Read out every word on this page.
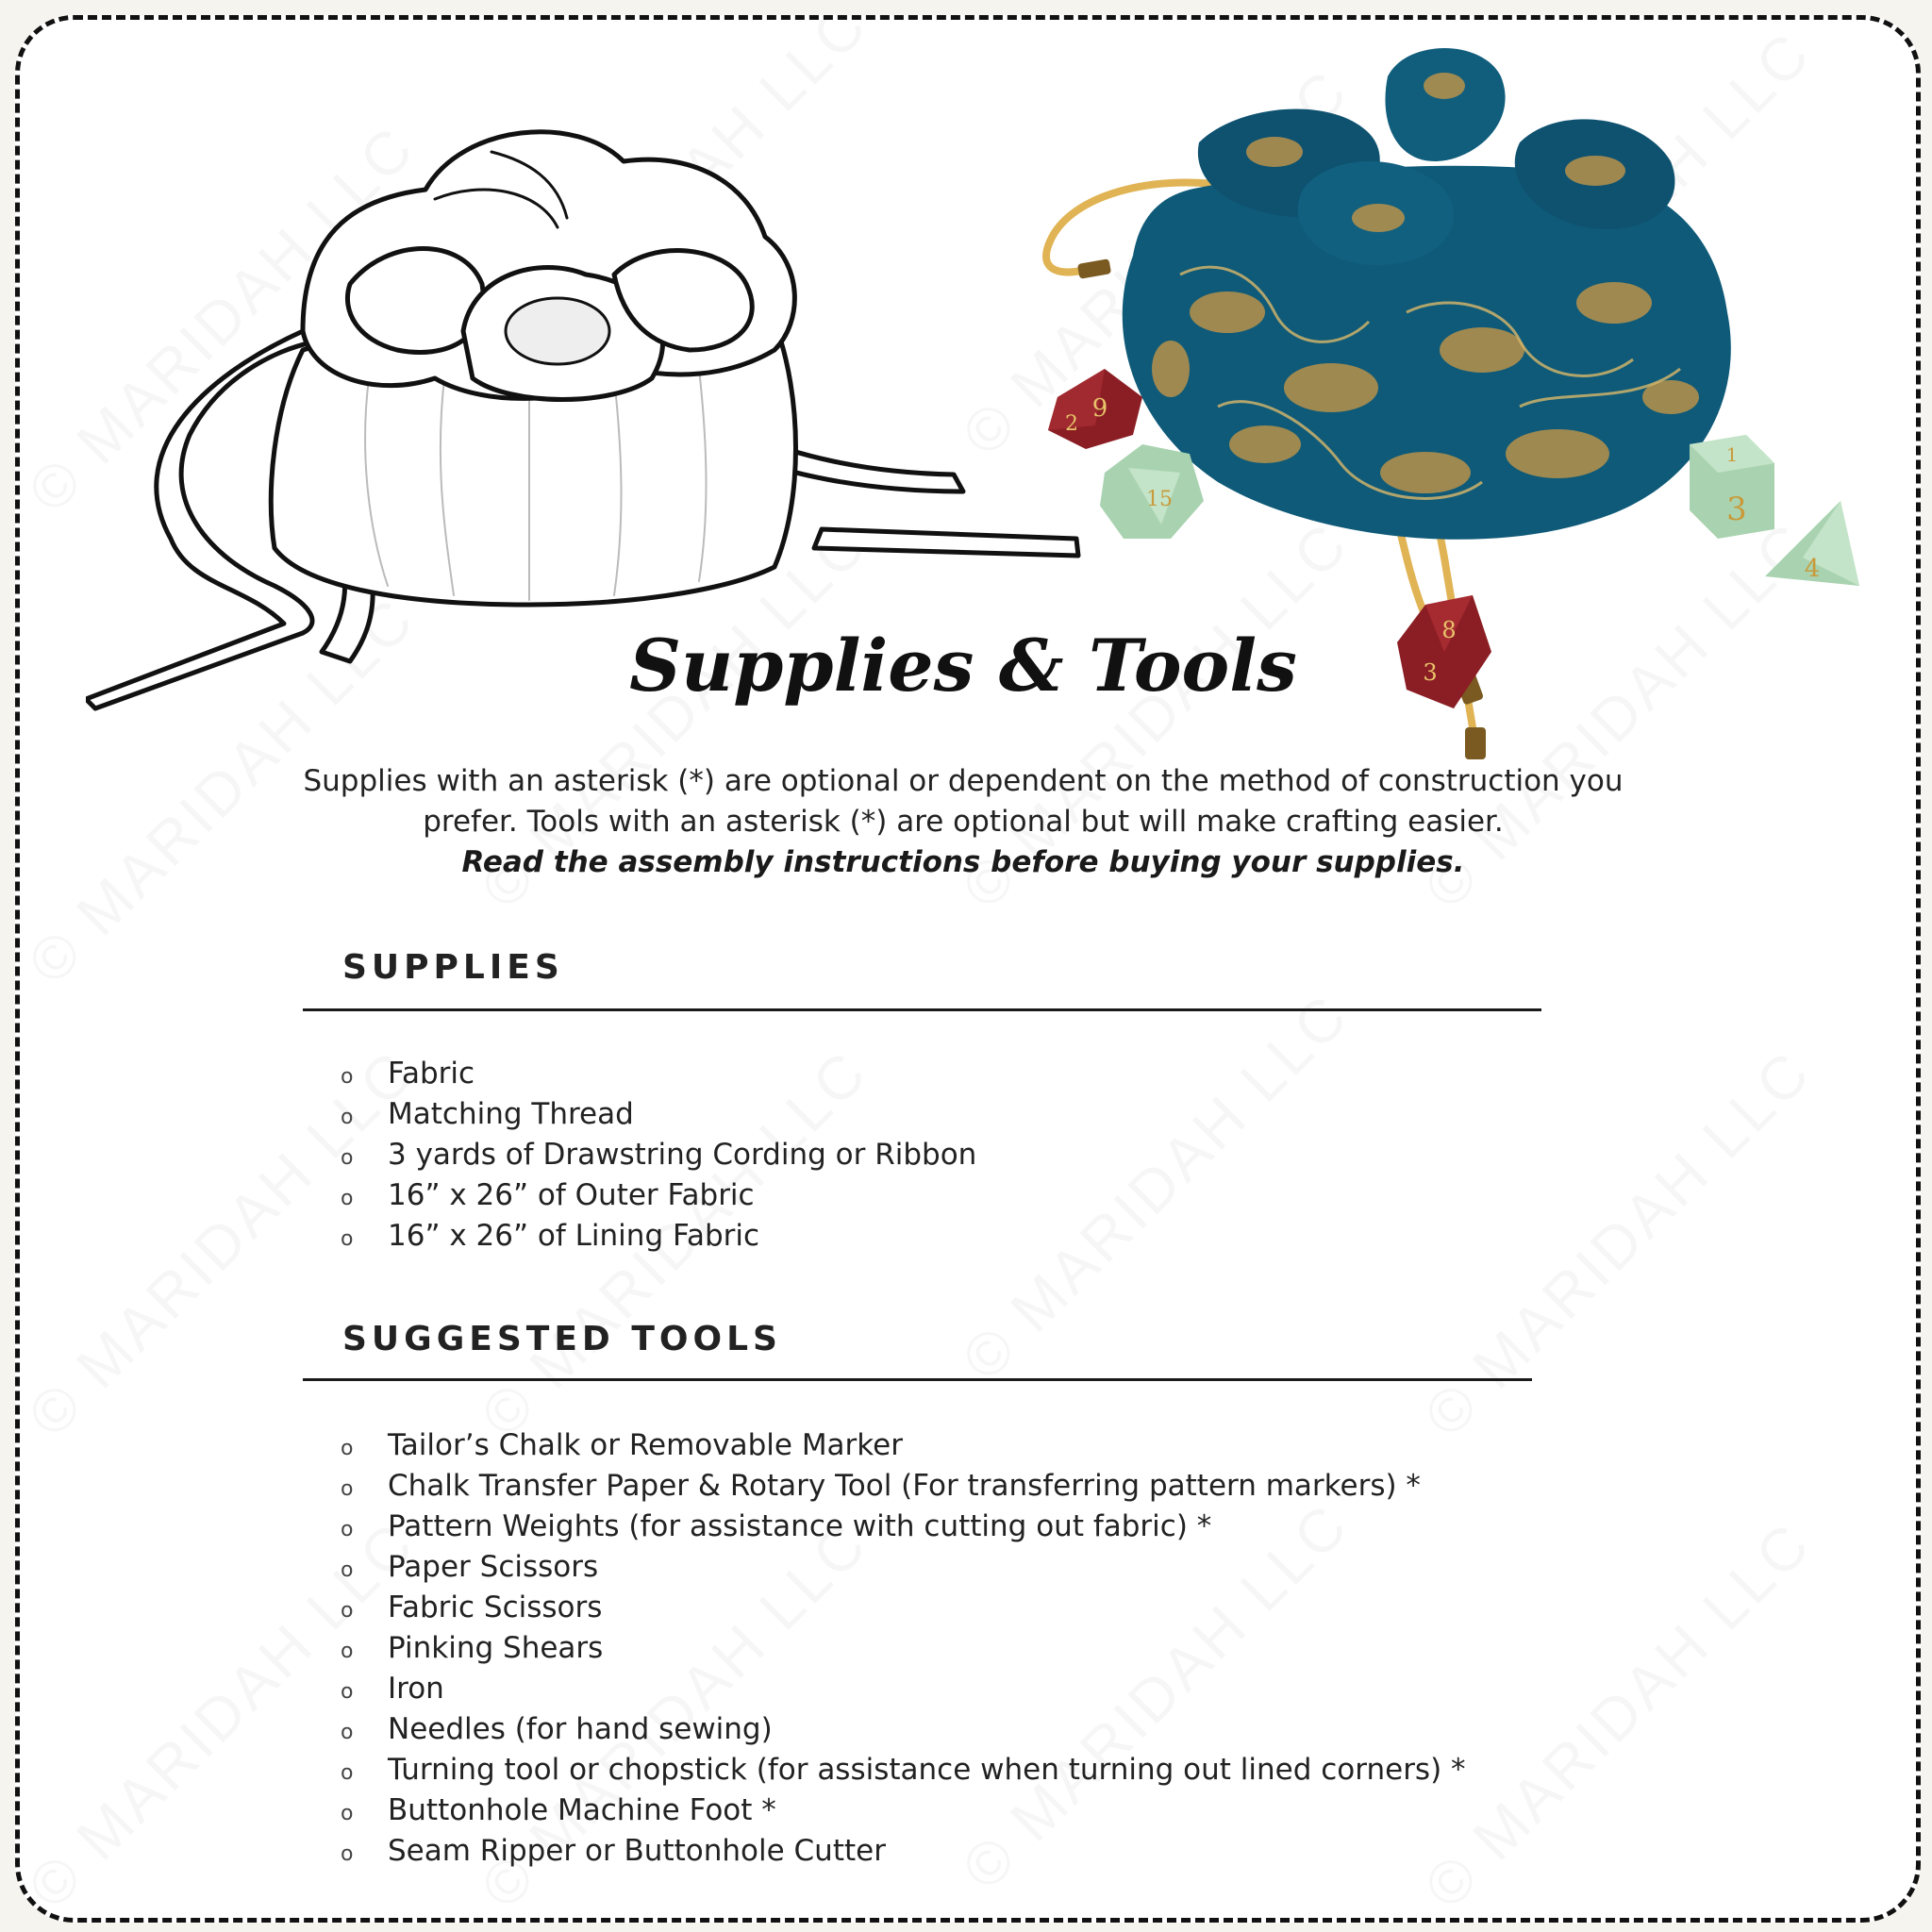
9
2
15
8
3
1
3
4
Supplies & Tools

Supplies with an asterisk (*) are optional or dependent on the method of construction you

prefer. Tools with an asterisk (*) are optional but will make crafting easier.

Read the assembly instructions before buying your supplies.

SUPPLIES
o Fabric
o Matching Thread
o 3 yards of Drawstring Cording or Ribbon
o 16” x 26” of Outer Fabric
o 16” x 26” of Lining Fabric
SUGGESTED TOOLS
o Tailor’s Chalk or Removable Marker
o Chalk Transfer Paper & Rotary Tool (For transferring pattern markers) *
o Pattern Weights (for assistance with cutting out fabric) *
o Paper Scissors
o Fabric Scissors
o Pinking Shears
o Iron
o Needles (for hand sewing)
o Turning tool or chopstick (for assistance when turning out lined corners) *
o Buttonhole Machine Foot *
o Seam Ripper or Buttonhole Cutter
